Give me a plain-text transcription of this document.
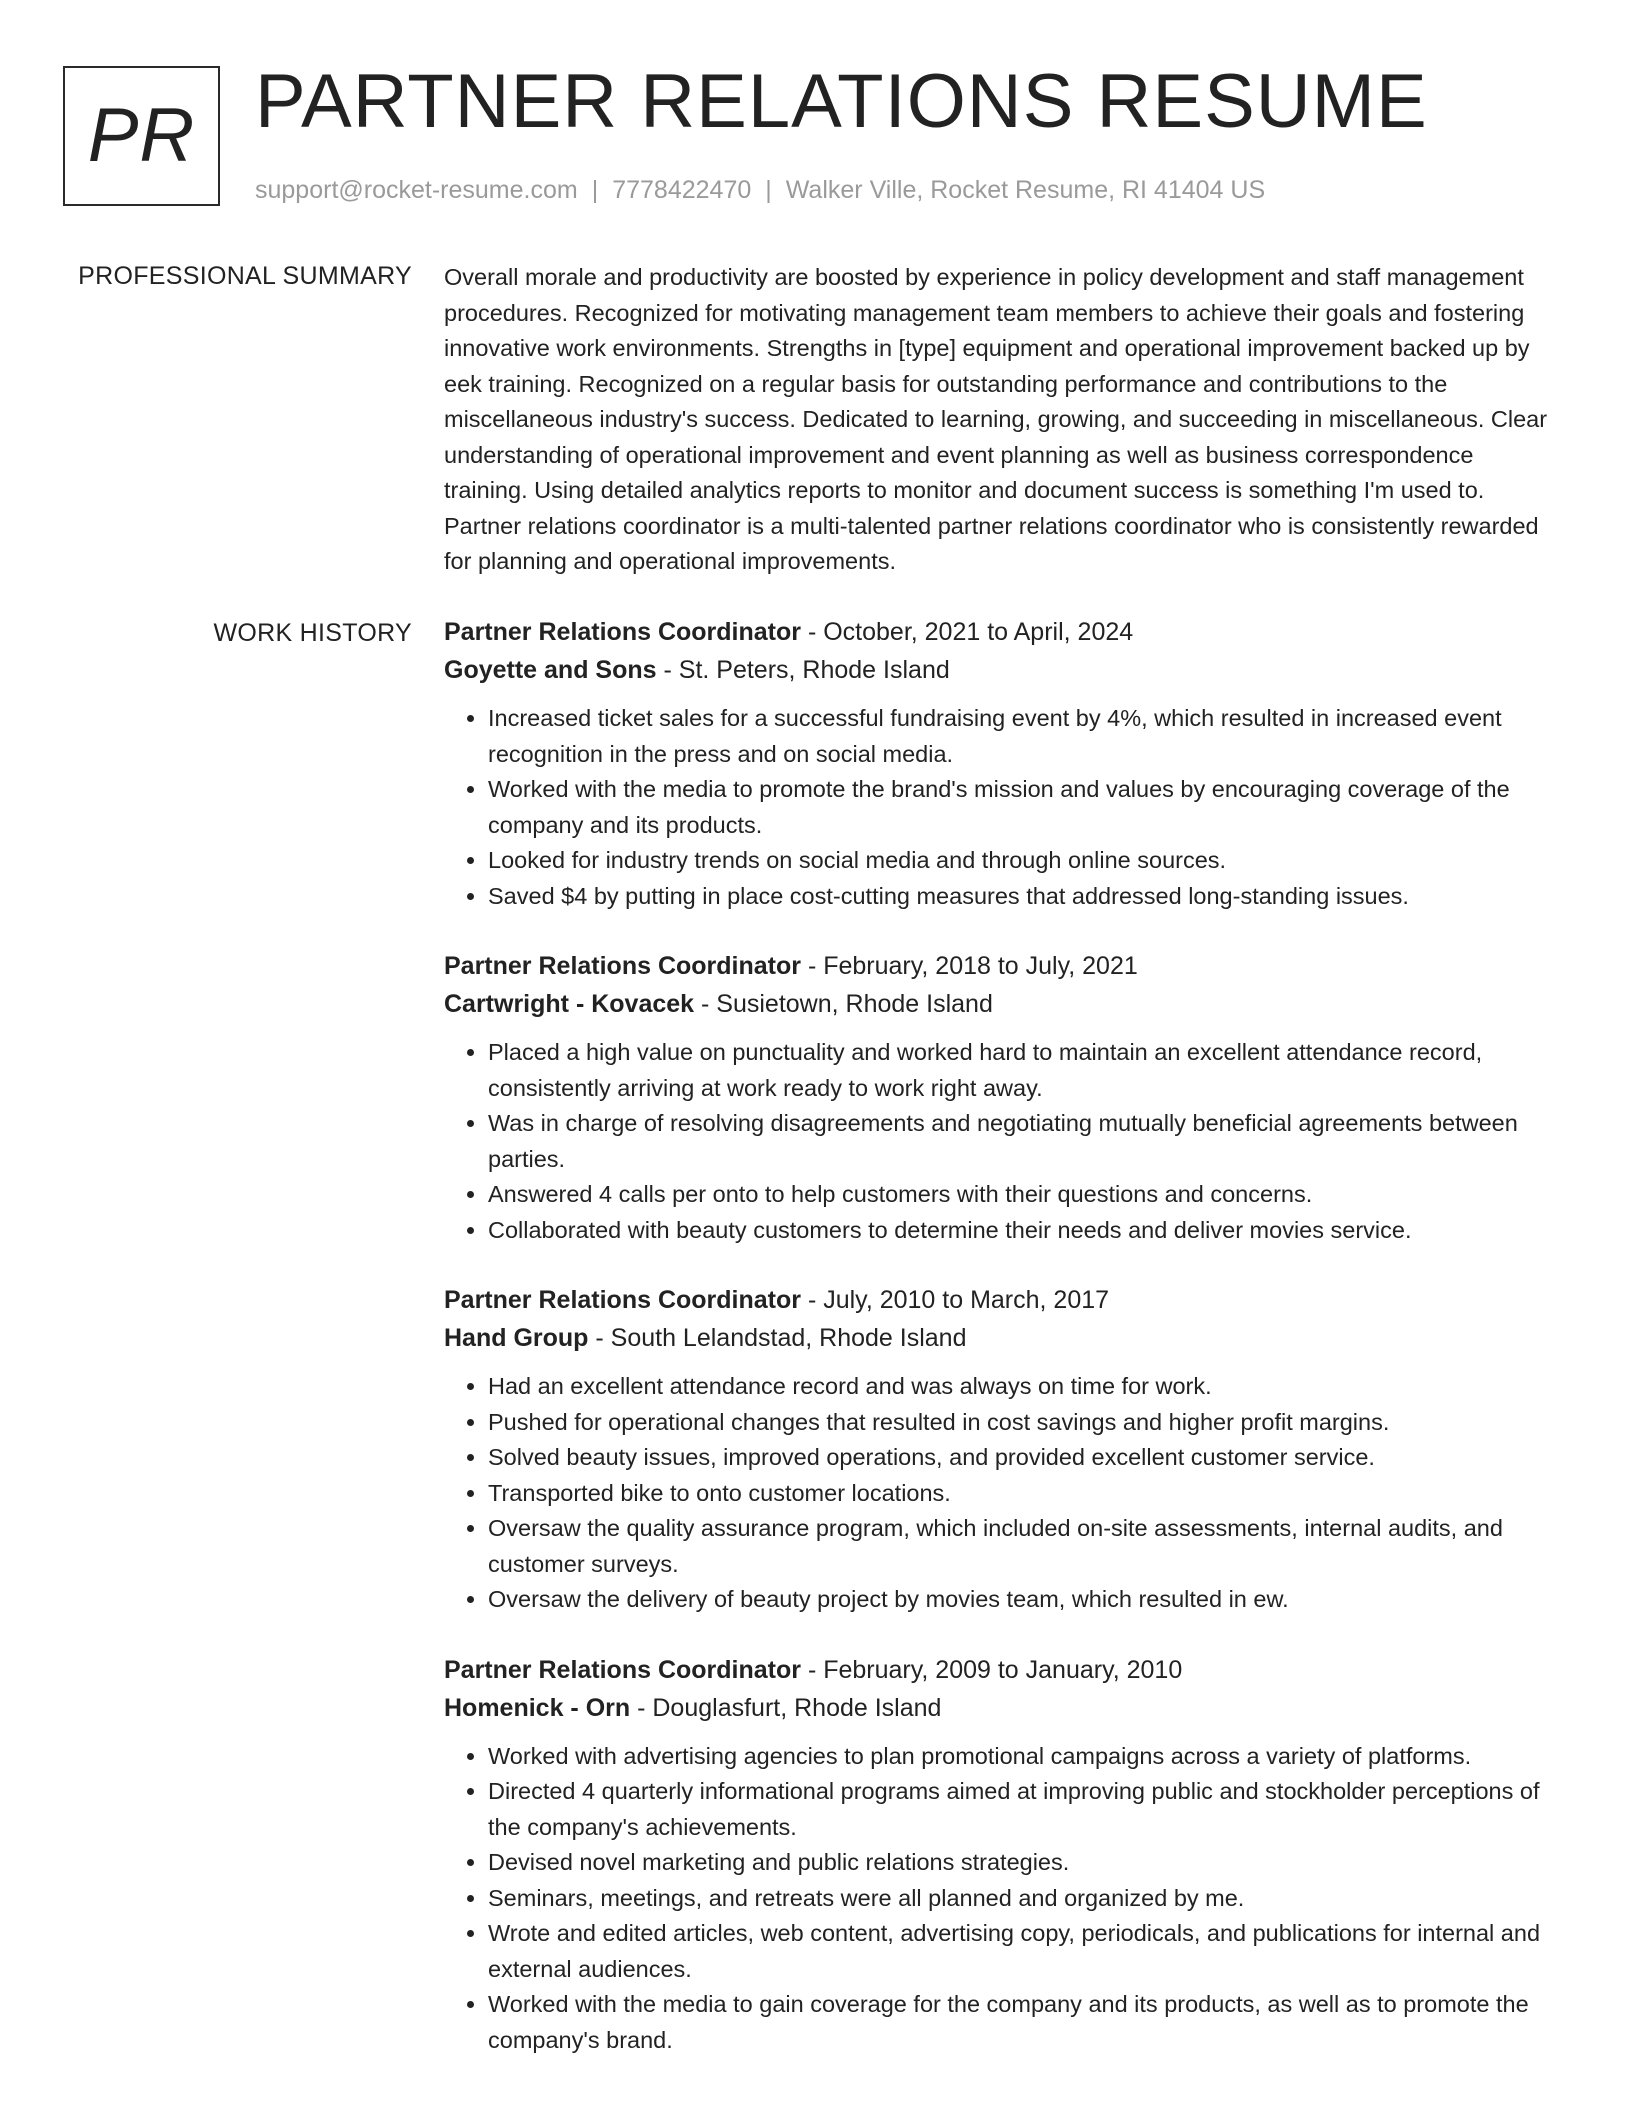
PR PARTNER RELATIONS RESUME
support@rocket-resume.com | 7778422470 | Walker Ville, Rocket Resume, RI 41404 US
PROFESSIONAL SUMMARY Overall morale and productivity are boosted by experience in policy development and staff management procedures. Recognized for motivating management team members to achieve their goals and fostering innovative work environments. Strengths in [type] equipment and operational improvement backed up by eek training. Recognized on a regular basis for outstanding performance and contributions to the miscellaneous industry's success. Dedicated to learning, growing, and succeeding in miscellaneous. Clear understanding of operational improvement and event planning as well as business correspondence training. Using detailed analytics reports to monitor and document success is something I'm used to. Partner relations coordinator is a multi-talented partner relations coordinator who is consistently rewarded for planning and operational improvements.

WORK HISTORY Partner Relations Coordinator - October, 2021 to April, 2024
Goyette and Sons - St. Peters, Rhode Island
• Increased ticket sales for a successful fundraising event by 4%, which resulted in increased event recognition in the press and on social media.
• Worked with the media to promote the brand's mission and values by encouraging coverage of the company and its products.
• Looked for industry trends on social media and through online sources.
• Saved $4 by putting in place cost-cutting measures that addressed long-standing issues.
Partner Relations Coordinator - February, 2018 to July, 2021
Cartwright - Kovacek - Susietown, Rhode Island
• Placed a high value on punctuality and worked hard to maintain an excellent attendance record, consistently arriving at work ready to work right away.
• Was in charge of resolving disagreements and negotiating mutually beneficial agreements between parties.
• Answered 4 calls per onto to help customers with their questions and concerns.
• Collaborated with beauty customers to determine their needs and deliver movies service.
Partner Relations Coordinator - July, 2010 to March, 2017
Hand Group - South Lelandstad, Rhode Island
• Had an excellent attendance record and was always on time for work.
• Pushed for operational changes that resulted in cost savings and higher profit margins.
• Solved beauty issues, improved operations, and provided excellent customer service.
• Transported bike to onto customer locations.
• Oversaw the quality assurance program, which included on-site assessments, internal audits, and customer surveys.
• Oversaw the delivery of beauty project by movies team, which resulted in ew.
Partner Relations Coordinator - February, 2009 to January, 2010
Homenick - Orn - Douglasfurt, Rhode Island
• Worked with advertising agencies to plan promotional campaigns across a variety of platforms.
• Directed 4 quarterly informational programs aimed at improving public and stockholder perceptions of the company's achievements.
• Devised novel marketing and public relations strategies.
• Seminars, meetings, and retreats were all planned and organized by me.
• Wrote and edited articles, web content, advertising copy, periodicals, and publications for internal and external audiences.
• Worked with the media to gain coverage for the company and its products, as well as to promote the company's brand.
